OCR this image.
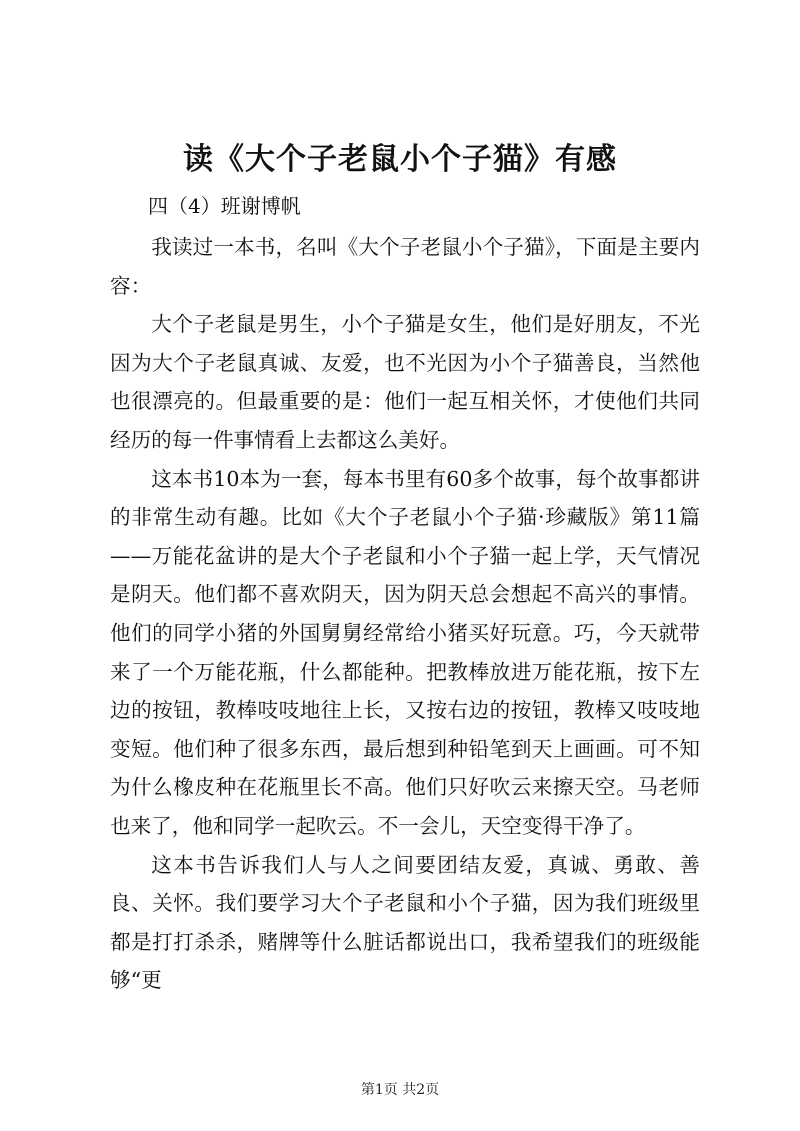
读《大个子老鼠小个子猫》有感
四（4）班谢博帆

我读过一本书，名叫《大个子老鼠小个子猫》，下面是主要内容：

大个子老鼠是男生，小个子猫是女生，他们是好朋友，不光因为大个子老鼠真诚、友爱，也不光因为小个子猫善良，当然他也很漂亮的。但最重要的是：他们一起互相关怀，才使他们共同经历的每一件事情看上去都这么美好。

这本书10本为一套，每本书里有60多个故事，每个故事都讲的非常生动有趣。比如《大个子老鼠小个子猫·珍藏版》第11篇——万能花盆讲的是大个子老鼠和小个子猫一起上学，天气情况是阴天。他们都不喜欢阴天，因为阴天总会想起不高兴的事情。他们的同学小猪的外国舅舅经常给小猪买好玩意。巧，今天就带来了一个万能花瓶，什么都能种。把教棒放进万能花瓶，按下左边的按钮，教棒吱吱地往上长，又按右边的按钮，教棒又吱吱地变短。他们种了很多东西，最后想到种铅笔到天上画画。可不知为什么橡皮种在花瓶里长不高。他们只好吹云来擦天空。马老师也来了，他和同学一起吹云。不一会儿，天空变得干净了。

这本书告诉我们人与人之间要团结友爱，真诚、勇敢、善良、关怀。我们要学习大个子老鼠和小个子猫，因为我们班级里都是打打杀杀，赌牌等什么脏话都说出口，我希望我们的班级能够“更

第1页 共2页
